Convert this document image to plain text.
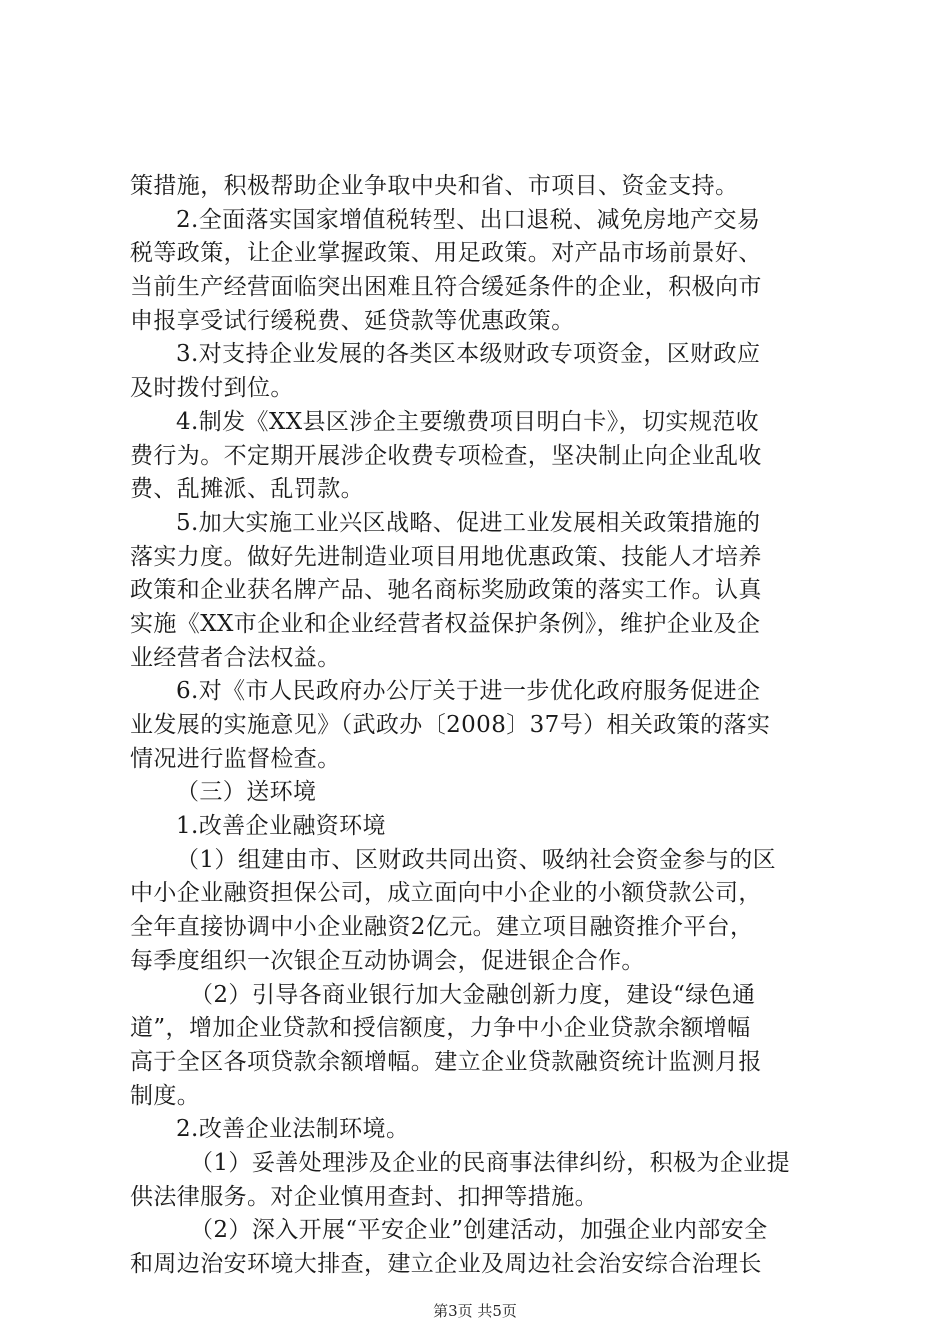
策措施，积极帮助企业争取中央和省、市项目、资金支持。
2.全面落实国家增值税转型、出口退税、减免房地产交易
税等政策，让企业掌握政策、用足政策。对产品市场前景好、
当前生产经营面临突出困难且符合缓延条件的企业，积极向市
申报享受试行缓税费、延贷款等优惠政策。
3.对支持企业发展的各类区本级财政专项资金，区财政应
及时拨付到位。
4.制发《XX县区涉企主要缴费项目明白卡》，切实规范收
费行为。不定期开展涉企收费专项检查，坚决制止向企业乱收
费、乱摊派、乱罚款。
5.加大实施工业兴区战略、促进工业发展相关政策措施的
落实力度。做好先进制造业项目用地优惠政策、技能人才培养
政策和企业获名牌产品、驰名商标奖励政策的落实工作。认真
实施《XX市企业和企业经营者权益保护条例》，维护企业及企
业经营者合法权益。
6.对《市人民政府办公厅关于进一步优化政府服务促进企
业发展的实施意见》（武政办〔2008〕37号）相关政策的落实
情况进行监督检查。
（三）送环境
1.改善企业融资环境
（1）组建由市、区财政共同出资、吸纳社会资金参与的区
中小企业融资担保公司，成立面向中小企业的小额贷款公司，
全年直接协调中小企业融资2亿元。建立项目融资推介平台，
每季度组织一次银企互动协调会，促进银企合作。
（2）引导各商业银行加大金融创新力度，建设“绿色通
道”，增加企业贷款和授信额度，力争中小企业贷款余额增幅
高于全区各项贷款余额增幅。建立企业贷款融资统计监测月报
制度。
2.改善企业法制环境。
（1）妥善处理涉及企业的民商事法律纠纷，积极为企业提
供法律服务。对企业慎用查封、扣押等措施。
（2）深入开展“平安企业”创建活动，加强企业内部安全
和周边治安环境大排查，建立企业及周边社会治安综合治理长
第3页 共5页
